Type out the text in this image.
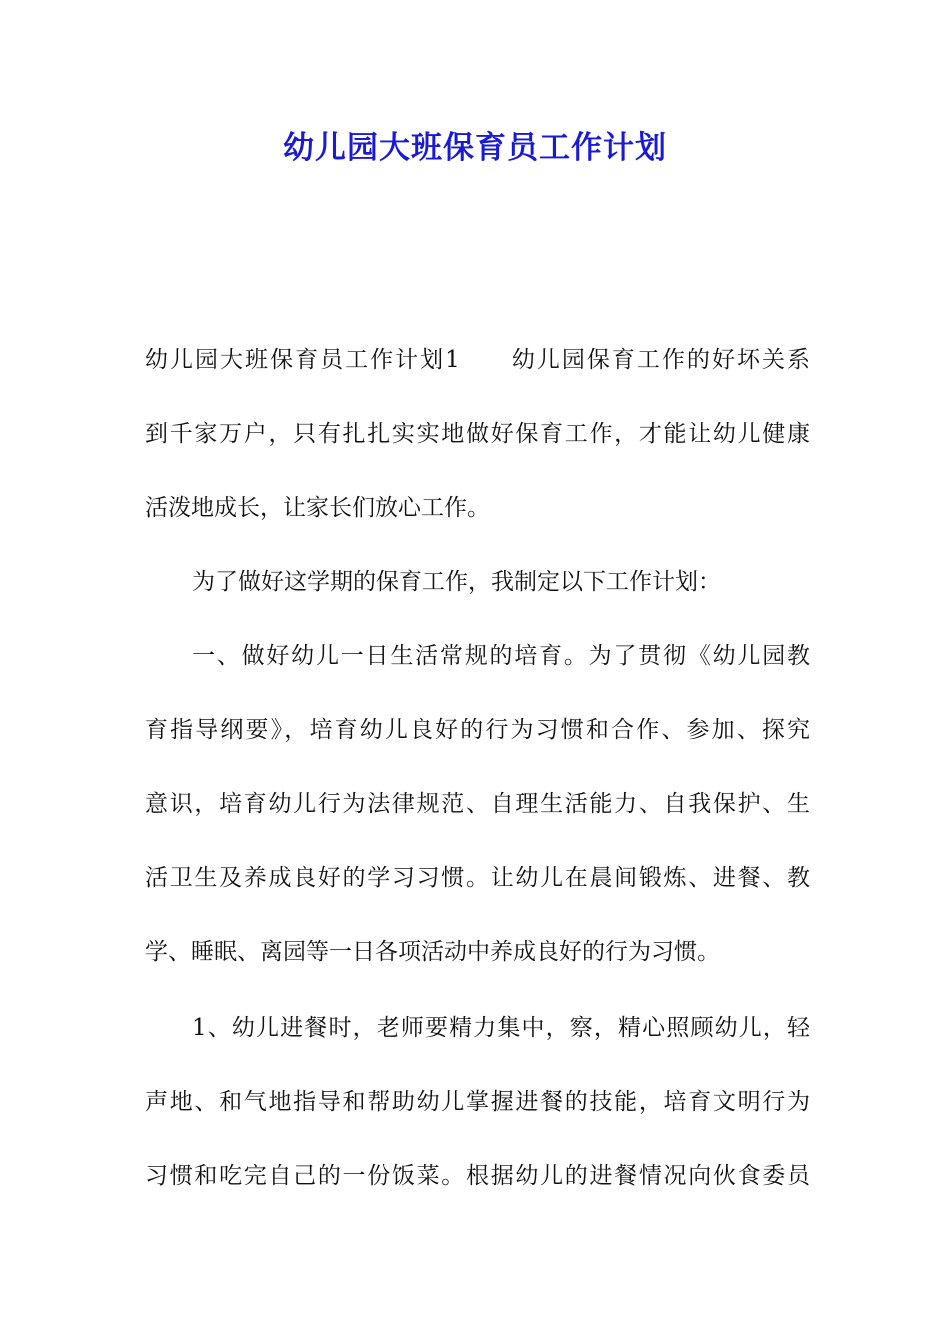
幼儿园大班保育员工作计划
幼儿园大班保育员工作计划1　　幼儿园保育工作的好坏关系
到千家万户，只有扎扎实实地做好保育工作，才能让幼儿健康
活泼地成长，让家长们放心工作。
为了做好这学期的保育工作，我制定以下工作计划：
一、做好幼儿一日生活常规的培育。为了贯彻《幼儿园教
育指导纲要》，培育幼儿良好的行为习惯和合作、参加、探究
意识，培育幼儿行为法律规范、自理生活能力、自我保护、生
活卫生及养成良好的学习习惯。让幼儿在晨间锻炼、进餐、教
学、睡眠、离园等一日各项活动中养成良好的行为习惯。
1、幼儿进餐时，老师要精力集中，察，精心照顾幼儿，轻
声地、和气地指导和帮助幼儿掌握进餐的技能，培育文明行为
习惯和吃完自己的一份饭菜。根据幼儿的进餐情况向伙食委员
